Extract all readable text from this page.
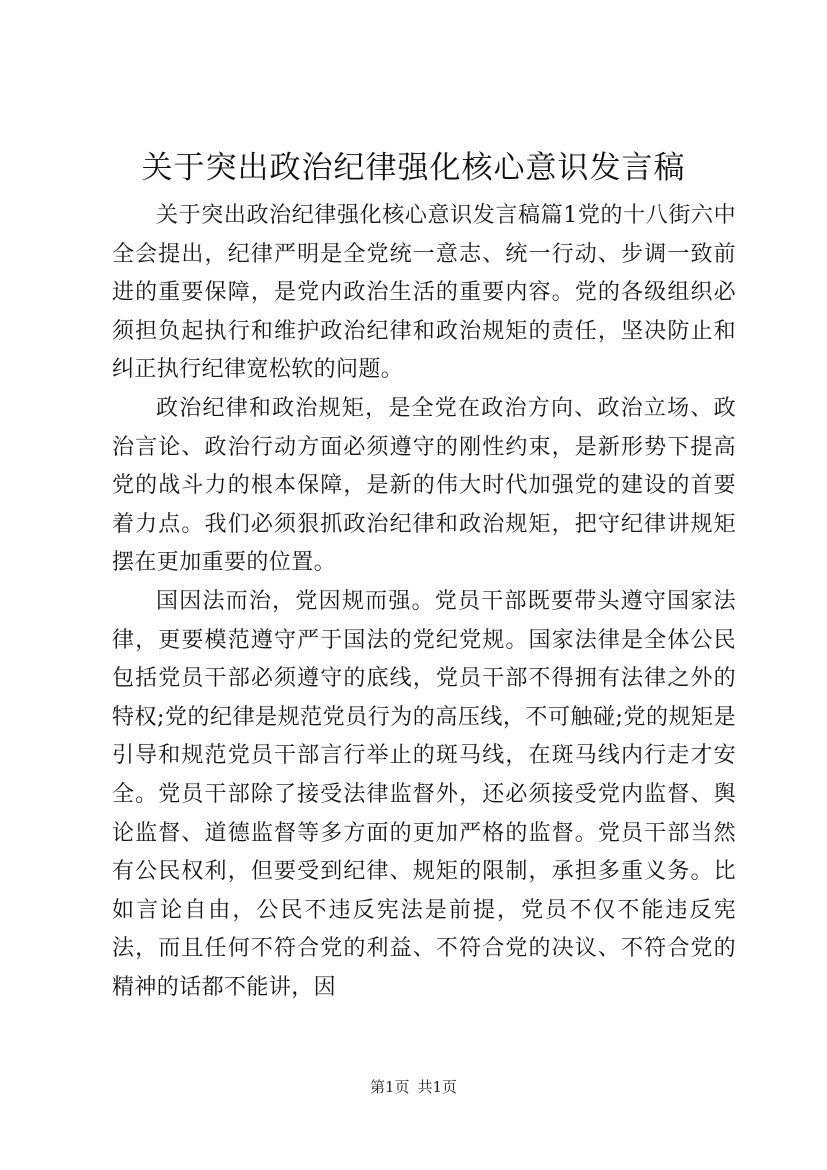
关于突出政治纪律强化核心意识发言稿

关于突出政治纪律强化核心意识发言稿篇1党的十八街六中全会提出，纪律严明是全党统一意志、统一行动、步调一致前进的重要保障，是党内政治生活的重要内容。党的各级组织必须担负起执行和维护政治纪律和政治规矩的责任，坚决防止和纠正执行纪律宽松软的问题。

政治纪律和政治规矩，是全党在政治方向、政治立场、政治言论、政治行动方面必须遵守的刚性约束，是新形势下提高党的战斗力的根本保障，是新的伟大时代加强党的建设的首要着力点。我们必须狠抓政治纪律和政治规矩，把守纪律讲规矩摆在更加重要的位置。

国因法而治，党因规而强。党员干部既要带头遵守国家法律，更要模范遵守严于国法的党纪党规。国家法律是全体公民包括党员干部必须遵守的底线，党员干部不得拥有法律之外的特权;党的纪律是规范党员行为的高压线，不可触碰;党的规矩是引导和规范党员干部言行举止的斑马线，在斑马线内行走才安全。党员干部除了接受法律监督外，还必须接受党内监督、舆论监督、道德监督等多方面的更加严格的监督。党员干部当然有公民权利，但要受到纪律、规矩的限制，承担多重义务。比如言论自由，公民不违反宪法是前提，党员不仅不能违反宪法，而且任何不符合党的利益、不符合党的决议、不符合党的精神的话都不能讲，因

第1页 共1页
